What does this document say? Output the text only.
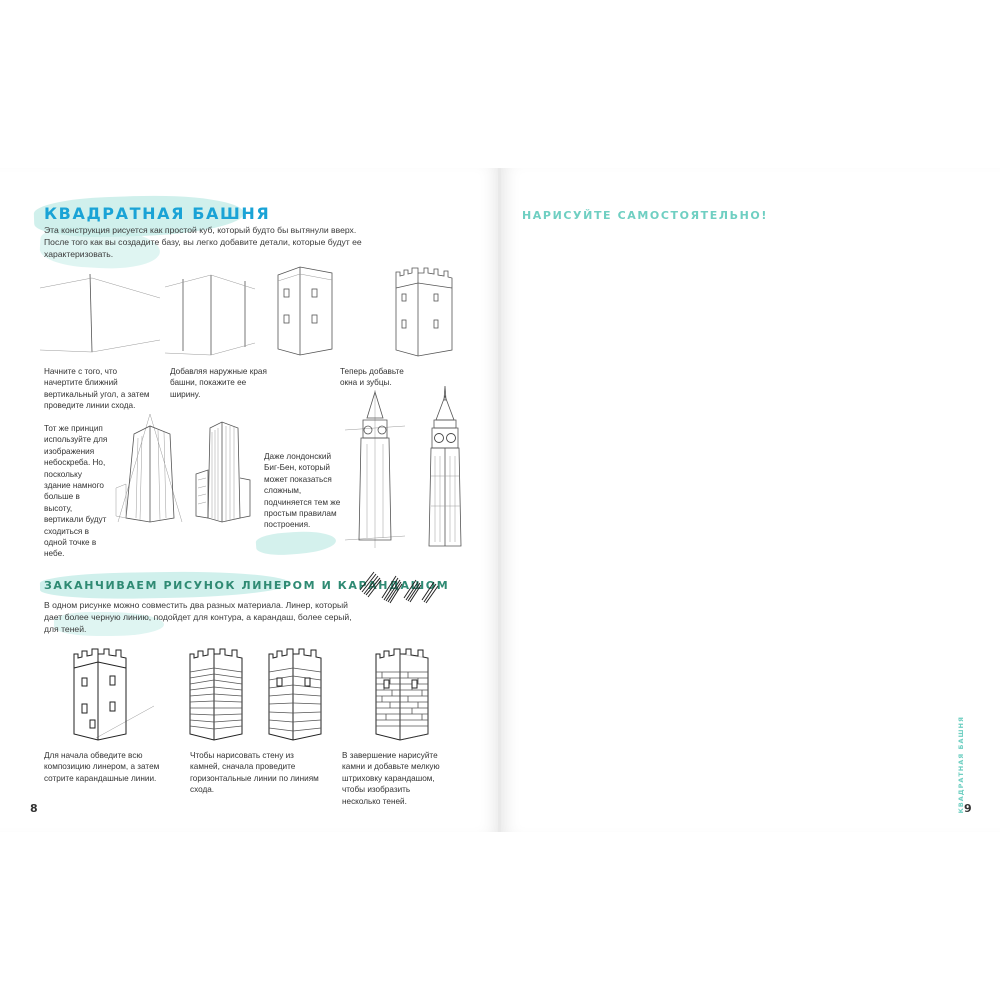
КВАДРАТНАЯ БАШНЯ
Эта конструкция рисуется как простой куб, который будто бы вытянули вверх. После того как вы создадите базу, вы легко добавите детали, которые будут ее характеризовать.
Начните с того, что начертите ближний вертикальный угол, а затем проведите линии схода.
Добавляя наружные края башни, покажите ее ширину.
Теперь добавьте окна и зубцы.
Тот же принцип используйте для изображения небоскреба. Но, поскольку здание намного больше в высоту, вертикали будут сходиться в одной точке в небе.
Даже лондонский Биг-Бен, который может показаться сложным, подчиняется тем же простым правилам построения.
ЗАКАНЧИВАЕМ РИСУНОК ЛИНЕРОМ И КАРАНДАШОМ
В одном рисунке можно совместить два разных материала. Линер, который дает более черную линию, подойдет для контура, а карандаш, более серый, для теней.
Для начала обведите всю композицию линером, а затем сотрите карандашные линии.
Чтобы нарисовать стену из камней, сначала проведите горизонтальные линии по линиям схода.
В завершение нарисуйте камни и добавьте мелкую штриховку карандашом, чтобы изобразить несколько теней.
8
НАРИСУЙТЕ САМОСТОЯТЕЛЬНО!
КВАДРАТНАЯ БАШНЯ 9
